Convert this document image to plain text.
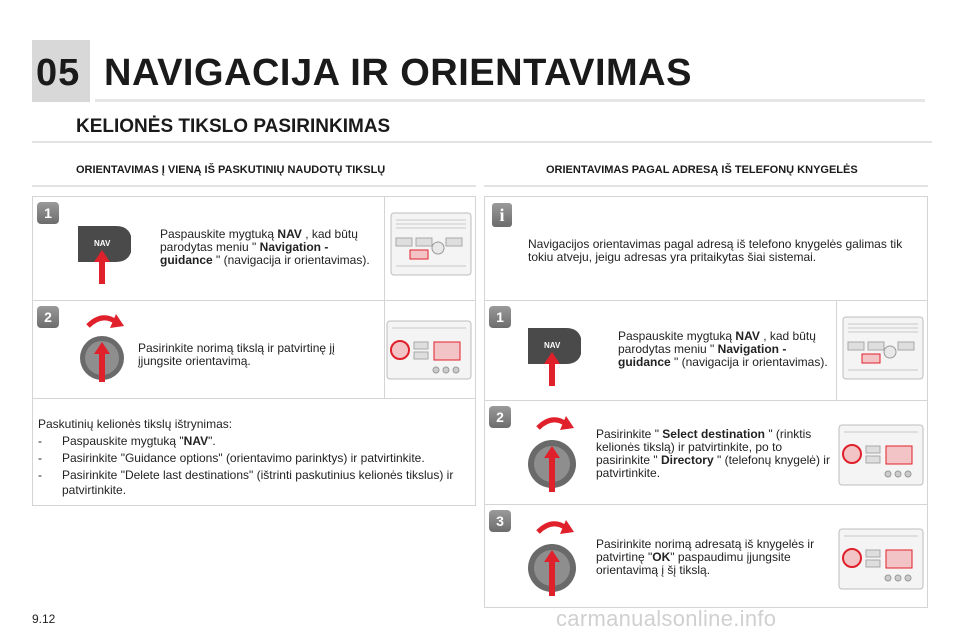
05 NAVIGACIJA IR ORIENTAVIMAS
KELIONĖS TIKSLO PASIRINKIMAS
ORIENTAVIMAS Į VIENĄ IŠ PASKUTINIŲ NAUDOTŲ TIKSLŲ
1
NAV
Paspauskite mygtuką NAV , kad būtų parodytas meniu " Navigation - guidance " (navigacija ir orientavimas).
2
Pasirinkite norimą tikslą ir patvirtinę jį įjungsite orientavimą.
Paskutinių kelionės tikslų ištrynimas:
- Paspauskite mygtuką "NAV".
- Pasirinkite "Guidance options" (orientavimo parinktys) ir patvirtinkite.
- Pasirinkite "Delete last destinations" (ištrinti paskutinius kelionės tikslus) ir patvirtinkite.
ORIENTAVIMAS PAGAL ADRESĄ IŠ TELEFONŲ KNYGELĖS
i
Navigacijos orientavimas pagal adresą iš telefono knygelės galimas tik tokiu atveju, jeigu adresas yra pritaikytas šiai sistemai.
1
NAV
Paspauskite mygtuką NAV , kad būtų parodytas meniu " Navigation - guidance " (navigacija ir orientavimas).
2
Pasirinkite " Select destination " (rinktis kelionės tikslą) ir patvirtinkite, po to pasirinkite " Directory " (telefonų knygelė) ir patvirtinkite.
3
Pasirinkite norimą adresatą iš knygelės ir patvirtinę "OK" paspaudimu įjungsite orientavimą į šį tikslą.
9.12	carmanualsonline.info
